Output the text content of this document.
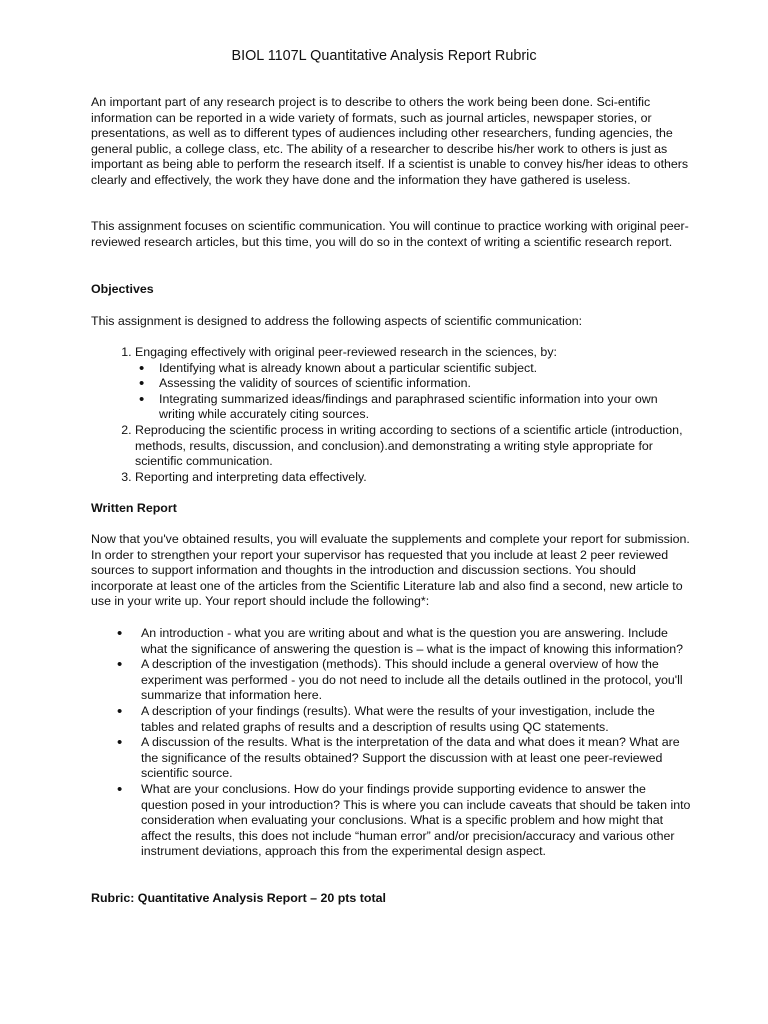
BIOL 1107L Quantitative Analysis Report Rubric

An important part of any research project is to describe to others the work being been done. Sci-entific information can be reported in a wide variety of formats, such as journal articles, newspaper stories, or presentations, as well as to different types of audiences including other researchers, funding agencies, the general public, a college class, etc. The ability of a researcher to describe his/her work to others is just as important as being able to perform the research itself. If a scientist is unable to convey his/her ideas to others clearly and effectively, the work they have done and the information they have gathered is useless.

This assignment focuses on scientific communication. You will continue to practice working with original peer-reviewed research articles, but this time, you will do so in the context of writing a scientific research report.

Objectives

This assignment is designed to address the following aspects of scientific communication:

1. Engaging effectively with original peer-reviewed research in the sciences, by:
• Identifying what is already known about a particular scientific subject.
• Assessing the validity of sources of scientific information.
• Integrating summarized ideas/findings and paraphrased scientific information into your own writing while accurately citing sources.
2. Reproducing the scientific process in writing according to sections of a scientific article (introduction, methods, results, discussion, and conclusion).and demonstrating a writing style appropriate for scientific communication.
3. Reporting and interpreting data effectively.

Written Report

Now that you've obtained results, you will evaluate the supplements and complete your report for submission. In order to strengthen your report your supervisor has requested that you include at least 2 peer reviewed sources to support information and thoughts in the introduction and discussion sections. You should incorporate at least one of the articles from the Scientific Literature lab and also find a second, new article to use in your write up. Your report should include the following*:

• An introduction - what you are writing about and what is the question you are answering. Include what the significance of answering the question is – what is the impact of knowing this information?
• A description of the investigation (methods). This should include a general overview of how the experiment was performed - you do not need to include all the details outlined in the protocol, you'll summarize that information here.
• A description of your findings (results). What were the results of your investigation, include the tables and related graphs of results and a description of results using QC statements.
• A discussion of the results. What is the interpretation of the data and what does it mean? What are the significance of the results obtained? Support the discussion with at least one peer-reviewed scientific source.
• What are your conclusions. How do your findings provide supporting evidence to answer the question posed in your introduction? This is where you can include caveats that should be taken into consideration when evaluating your conclusions. What is a specific problem and how might that affect the results, this does not include “human error” and/or precision/accuracy and various other instrument deviations, approach this from the experimental design aspect.

Rubric: Quantitative Analysis Report – 20 pts total
